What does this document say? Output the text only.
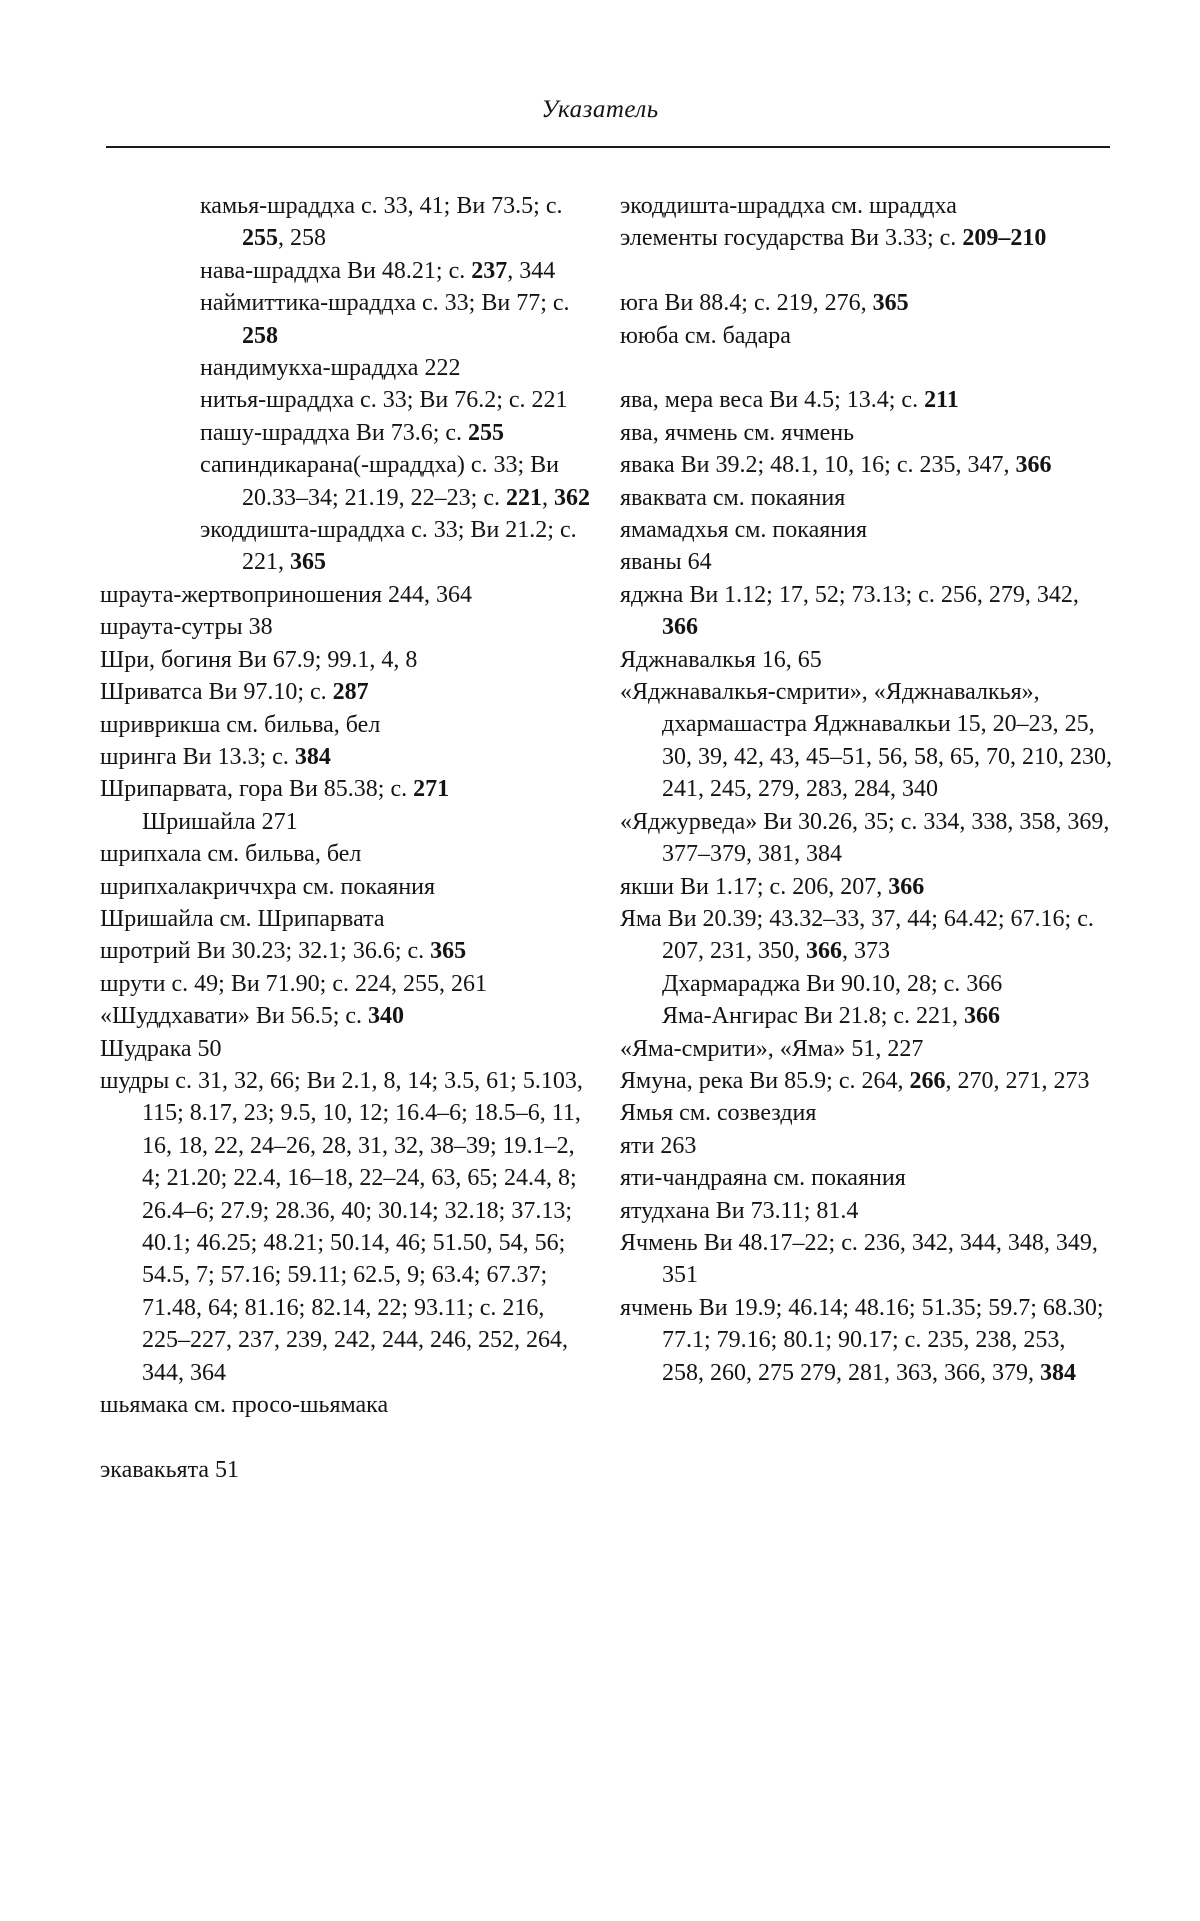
Указатель

камья-шраддха с. 33, 41; Ви 73.5; с. 255, 258

нава-шраддха Ви 48.21; с. 237, 344

наймиттика-шраддха с. 33; Ви 77; с. 258

нандимукха-шраддха 222

нитья-шраддха с. 33; Ви 76.2; с. 221

пашу-шраддха Ви 73.6; с. 255

сапиндикарана(-шраддха) с. 33; Ви 20.33–34; 21.19, 22–23; с. 221, 362

экоддишта-шраддха с. 33; Ви 21.2; с. 221, 365

шраута-жертвоприношения 244, 364

шраута-сутры 38

Шри, богиня Ви 67.9; 99.1, 4, 8

Шриватса Ви 97.10; с. 287

шриврикша см. бильва, бел

шринга Ви 13.3; с. 384

Шрипарвата, гора Ви 85.38; с. 271

Шришайла 271

шрипхала см. бильва, бел

шрипхалакриччхра см. покаяния

Шришайла см. Шрипарвата

шротрий Ви 30.23; 32.1; 36.6; с. 365

шрути с. 49; Ви 71.90; с. 224, 255, 261

«Шуддхавати» Ви 56.5; с. 340

Шудрака 50

шудры с. 31, 32, 66; Ви 2.1, 8, 14; 3.5, 61; 5.103, 115; 8.17, 23; 9.5, 10, 12; 16.4–6; 18.5–6, 11, 16, 18, 22, 24–26, 28, 31, 32, 38–39; 19.1–2, 4; 21.20; 22.4, 16–18, 22–24, 63, 65; 24.4, 8; 26.4–6; 27.9; 28.36, 40; 30.14; 32.18; 37.13; 40.1; 46.25; 48.21; 50.14, 46; 51.50, 54, 56; 54.5, 7; 57.16; 59.11; 62.5, 9; 63.4; 67.37; 71.48, 64; 81.16; 82.14, 22; 93.11; с. 216, 225–227, 237, 239, 242, 244, 246, 252, 264, 344, 364

шьямака см. просо-шьямака

экавакьята 51

экоддишта-шраддха см. шраддха

элементы государства Ви 3.33; с. 209–210

юга Ви 88.4; с. 219, 276, 365

ююба см. бадара

ява, мера веса Ви 4.5; 13.4; с. 211

ява, ячмень см. ячмень

явака Ви 39.2; 48.1, 10, 16; с. 235, 347, 366

яваквата см. покаяния

ямамадхья см. покаяния

яваны 64

яджна Ви 1.12; 17, 52; 73.13; с. 256, 279, 342, 366

Яджнавалкья 16, 65

«Яджнавалкья-смрити», «Яджнавалкья», дхармашастра Яджнавалкьи 15, 20–23, 25, 30, 39, 42, 43, 45–51, 56, 58, 65, 70, 210, 230, 241, 245, 279, 283, 284, 340

«Яджурведа» Ви 30.26, 35; с. 334, 338, 358, 369, 377–379, 381, 384

якши Ви 1.17; с. 206, 207, 366

Яма Ви 20.39; 43.32–33, 37, 44; 64.42; 67.16; с. 207, 231, 350, 366, 373

Дхармараджа Ви 90.10, 28; с. 366

Яма-Ангирас Ви 21.8; с. 221, 366

«Яма-смрити», «Яма» 51, 227

Ямуна, река Ви 85.9; с. 264, 266, 270, 271, 273

Ямья см. созвездия

яти 263

яти-чандраяна см. покаяния

ятудхана Ви 73.11; 81.4

Ячмень Ви 48.17–22; с. 236, 342, 344, 348, 349, 351

ячмень Ви 19.9; 46.14; 48.16; 51.35; 59.7; 68.30; 77.1; 79.16; 80.1; 90.17; с. 235, 238, 253, 258, 260, 275 279, 281, 363, 366, 379, 384
